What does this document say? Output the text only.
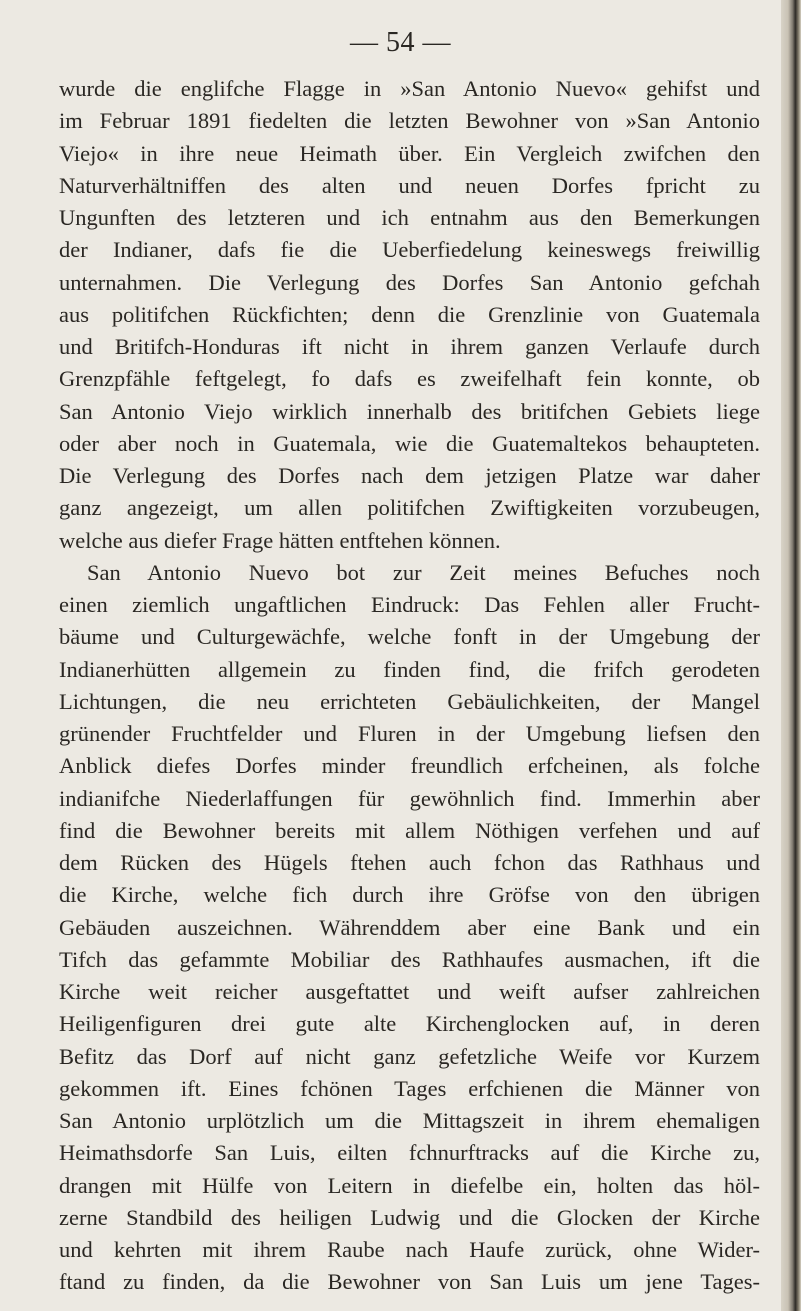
— 54 —
wurde die englifche Flagge in »San Antonio Nuevo« gehifst und
im Februar 1891 fiedelten die letzten Bewohner von »San Antonio
Viejo« in ihre neue Heimath über. Ein Vergleich zwifchen den
Naturverhältniffen des alten und neuen Dorfes fpricht zu
Ungunften des letzteren und ich entnahm aus den Bemerkungen
der Indianer, dafs fie die Ueberfiedelung keineswegs freiwillig
unternahmen. Die Verlegung des Dorfes San Antonio gefchah
aus politifchen Rückfichten; denn die Grenzlinie von Guatemala
und Britifch-Honduras ift nicht in ihrem ganzen Verlaufe durch
Grenzpfähle feftgelegt, fo dafs es zweifelhaft fein konnte, ob
San Antonio Viejo wirklich innerhalb des britifchen Gebiets liege
oder aber noch in Guatemala, wie die Guatemaltekos behaupteten.
Die Verlegung des Dorfes nach dem jetzigen Platze war daher
ganz angezeigt, um allen politifchen Zwiftigkeiten vorzubeugen,
welche aus diefer Frage hätten entftehen können.
San Antonio Nuevo bot zur Zeit meines Befuches noch
einen ziemlich ungaftlichen Eindruck: Das Fehlen aller Frucht-
bäume und Culturgewächfe, welche fonft in der Umgebung der
Indianerhütten allgemein zu finden find, die frifch gerodeten
Lichtungen, die neu errichteten Gebäulichkeiten, der Mangel
grünender Fruchtfelder und Fluren in der Umgebung liefsen den
Anblick diefes Dorfes minder freundlich erfcheinen, als folche
indianifche Niederlaffungen für gewöhnlich find. Immerhin aber
find die Bewohner bereits mit allem Nöthigen verfehen und auf
dem Rücken des Hügels ftehen auch fchon das Rathhaus und
die Kirche, welche fich durch ihre Gröfse von den übrigen
Gebäuden auszeichnen. Währenddem aber eine Bank und ein
Tifch das gefammte Mobiliar des Rathhaufes ausmachen, ift die
Kirche weit reicher ausgeftattet und weift aufser zahlreichen
Heiligenfiguren drei gute alte Kirchenglocken auf, in deren
Befitz das Dorf auf nicht ganz gefetzliche Weife vor Kurzem
gekommen ift. Eines fchönen Tages erfchienen die Männer von
San Antonio urplötzlich um die Mittagszeit in ihrem ehemaligen
Heimathsdorfe San Luis, eilten fchnurftracks auf die Kirche zu,
drangen mit Hülfe von Leitern in diefelbe ein, holten das höl-
zerne Standbild des heiligen Ludwig und die Glocken der Kirche
und kehrten mit ihrem Raube nach Haufe zurück, ohne Wider-
ftand zu finden, da die Bewohner von San Luis um jene Tages-
